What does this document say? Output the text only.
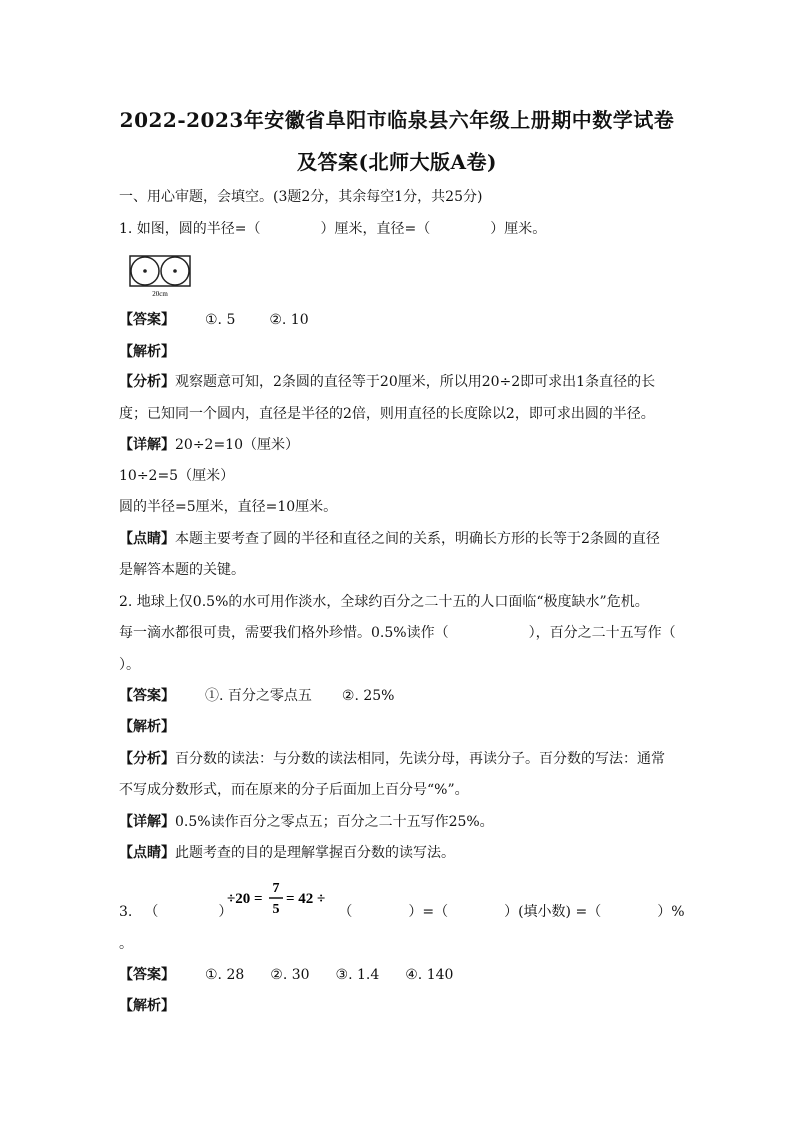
2022-2023年安徽省阜阳市临泉县六年级上册期中数学试卷
及答案(北师大版A卷)
一、用心审题，会填空。(3题2分，其余每空1分，共25分)
1. 如图，圆的半径=（	）厘米，直径=（	）厘米。
20cm
【答案】 ①. 5 ②. 10
【解析】
【分析】观察题意可知，2条圆的直径等于20厘米，所以用20÷2即可求出1条直径的长
度；已知同一个圆内，直径是半径的2倍，则用直径的长度除以2，即可求出圆的半径。
【详解】20÷2=10（厘米）
10÷2=5（厘米）
圆的半径=5厘米，直径=10厘米。
【点睛】本题主要考查了圆的半径和直径之间的关系，明确长方形的长等于2条圆的直径
是解答本题的关键。
2. 地球上仅0.5%的水可用作淡水，全球约百分之二十五的人口面临“极度缺水”危机。
每一滴水都很可贵，需要我们格外珍惜。0.5%读作（	），百分之二十五写作（
）。
【答案】 ①. 百分之零点五 ②. 25%
【解析】
【分析】百分数的读法：与分数的读法相同，先读分母，再读分子。百分数的写法：通常
不写成分数形式，而在原来的分子后面加上百分号“%”。
【详解】0.5%读作百分之零点五；百分之二十五写作25%。
【点睛】此题考查的目的是理解掌握百分数的读写法。
÷20 =
7
5
= 42 ÷
3. （	）	（　　　　）=（　　　　）(填小数) =（　　　　）%
。
【答案】 ①. 28 ②. 30 ③. 1.4 ④. 140
【解析】
